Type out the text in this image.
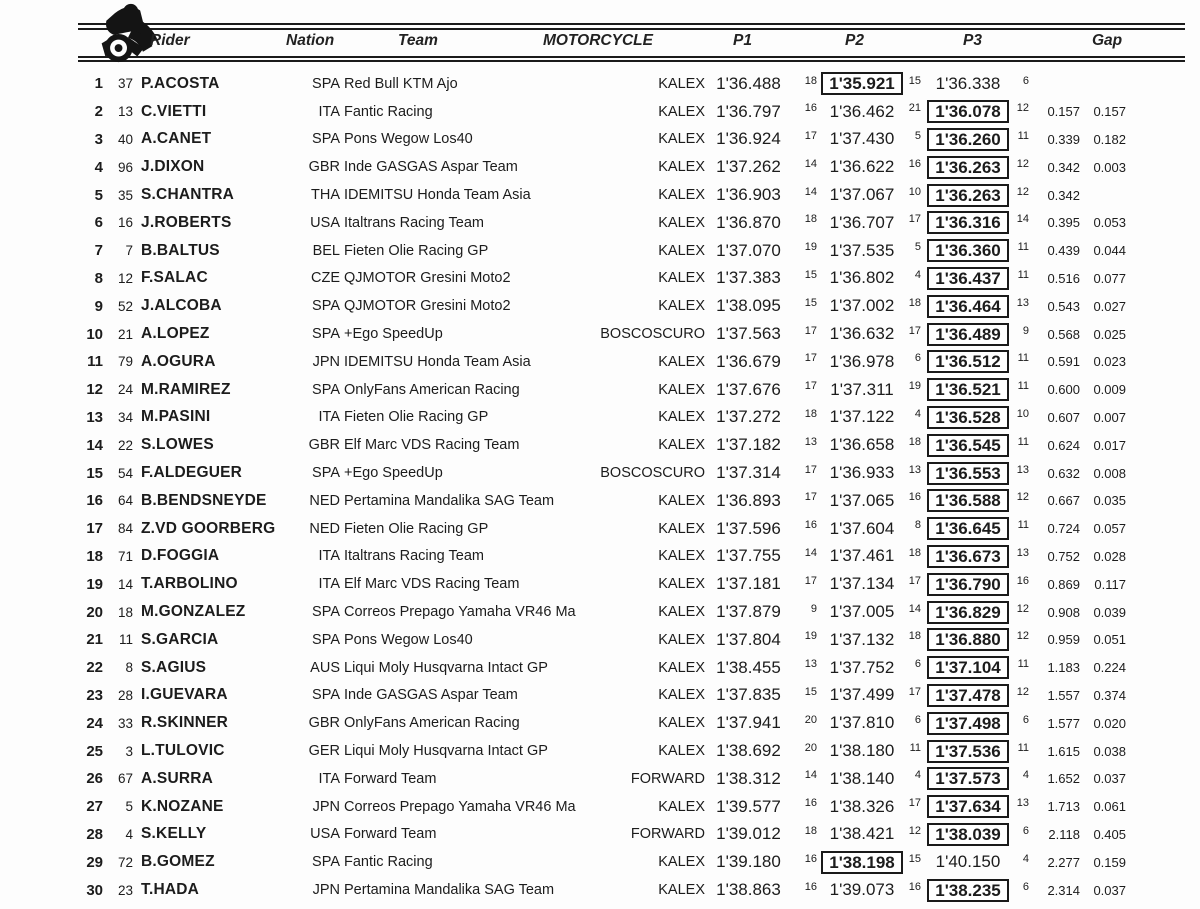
Rider	Nation	Team	MOTORCYCLE	P1	P2	P3	Gap
1	37 P.ACOSTA	SPA Red Bull KTM Ajo	KALEX 1'36.488	18 1'35.921	15 1'36.338	6
2	13 C.VIETTI	ITA Fantic Racing	KALEX 1'36.797	16 1'36.462	21 1'36.078	12	0.157	0.157
3	40 A.CANET	SPA Pons Wegow Los40	KALEX 1'36.924	17 1'37.430	5 1'36.260	11	0.339	0.182
4	96 J.DIXON	GBR Inde GASGAS Aspar Team	KALEX 1'37.262	14 1'36.622	16 1'36.263	12	0.342	0.003
5	35 S.CHANTRA	THA IDEMITSU Honda Team Asia	KALEX 1'36.903	14 1'37.067	10 1'36.263	12	0.342
6	16 J.ROBERTS	USA Italtrans Racing Team	KALEX 1'36.870	18 1'36.707	17 1'36.316	14	0.395	0.053
7	7 B.BALTUS	BEL Fieten Olie Racing GP	KALEX 1'37.070	19 1'37.535	5 1'36.360	11	0.439	0.044
8	12 F.SALAC	CZE QJMOTOR Gresini Moto2	KALEX 1'37.383	15 1'36.802	4 1'36.437	11	0.516	0.077
9	52 J.ALCOBA	SPA QJMOTOR Gresini Moto2	KALEX 1'38.095	15 1'37.002	18 1'36.464	13	0.543	0.027
10	21 A.LOPEZ	SPA +Ego SpeedUp	BOSCOSCURO 1'37.563	17 1'36.632	17 1'36.489	9	0.568	0.025
11	79 A.OGURA	JPN IDEMITSU Honda Team Asia	KALEX 1'36.679	17 1'36.978	6 1'36.512	11	0.591	0.023
12	24 M.RAMIREZ	SPA OnlyFans American Racing	KALEX 1'37.676	17 1'37.311	19 1'36.521	11	0.600	0.009
13	34 M.PASINI	ITA Fieten Olie Racing GP	KALEX 1'37.272	18 1'37.122	4 1'36.528	10	0.607	0.007
14	22 S.LOWES	GBR Elf Marc VDS Racing Team	KALEX 1'37.182	13 1'36.658	18 1'36.545	11	0.624	0.017
15	54 F.ALDEGUER	SPA +Ego SpeedUp	BOSCOSCURO 1'37.314	17 1'36.933	13 1'36.553	13	0.632	0.008
16	64 B.BENDSNEYDE	NED Pertamina Mandalika SAG Team	KALEX 1'36.893	17 1'37.065	16 1'36.588	12	0.667	0.035
17	84 Z.VD GOORBERG	NED Fieten Olie Racing GP	KALEX 1'37.596	16 1'37.604	8 1'36.645	11	0.724	0.057
18	71 D.FOGGIA	ITA Italtrans Racing Team	KALEX 1'37.755	14 1'37.461	18 1'36.673	13	0.752	0.028
19	14 T.ARBOLINO	ITA Elf Marc VDS Racing Team	KALEX 1'37.181	17 1'37.134	17 1'36.790	16	0.869	0.117
20	18 M.GONZALEZ	SPA Correos Prepago Yamaha VR46 Ma	KALEX 1'37.879	9 1'37.005	14 1'36.829	12	0.908	0.039
21	11 S.GARCIA	SPA Pons Wegow Los40	KALEX 1'37.804	19 1'37.132	18 1'36.880	12	0.959	0.051
22	8 S.AGIUS	AUS Liqui Moly Husqvarna Intact GP	KALEX 1'38.455	13 1'37.752	6 1'37.104	11	1.183	0.224
23	28 I.GUEVARA	SPA Inde GASGAS Aspar Team	KALEX 1'37.835	15 1'37.499	17 1'37.478	12	1.557	0.374
24	33 R.SKINNER	GBR OnlyFans American Racing	KALEX 1'37.941	20 1'37.810	6 1'37.498	6	1.577	0.020
25	3 L.TULOVIC	GER Liqui Moly Husqvarna Intact GP	KALEX 1'38.692	20 1'38.180	11 1'37.536	11	1.615	0.038
26	67 A.SURRA	ITA Forward Team	FORWARD 1'38.312	14 1'38.140	4 1'37.573	4	1.652	0.037
27	5 K.NOZANE	JPN Correos Prepago Yamaha VR46 Ma	KALEX 1'39.577	16 1'38.326	17 1'37.634	13	1.713	0.061
28	4 S.KELLY	USA Forward Team	FORWARD 1'39.012	18 1'38.421	12 1'38.039	6	2.118	0.405
29	72 B.GOMEZ	SPA Fantic Racing	KALEX 1'39.180	16 1'38.198	15 1'40.150	4	2.277	0.159
30	23 T.HADA	JPN Pertamina Mandalika SAG Team	KALEX 1'38.863	16 1'39.073	16 1'38.235	6	2.314	0.037
